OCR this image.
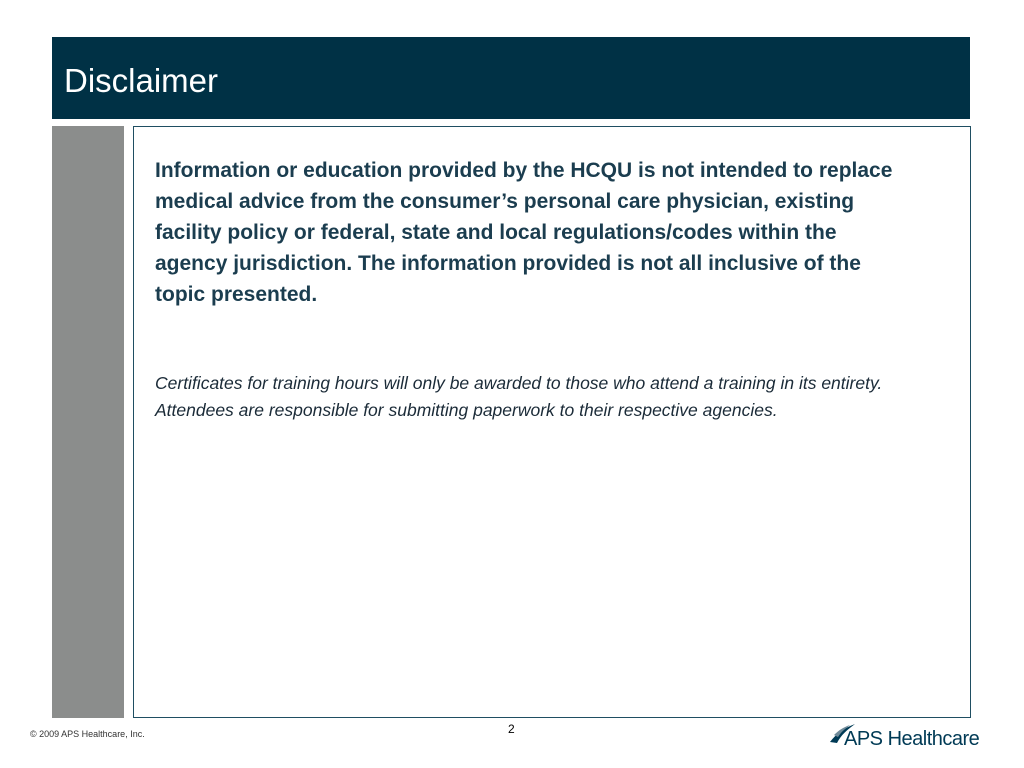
Disclaimer

Information or education provided by the HCQU is not intended to replace medical advice from the consumer’s personal care physician, existing facility policy or federal, state and local regulations/codes within the agency jurisdiction. The information provided is not all inclusive of the topic presented.

Certificates for training hours will only be awarded to those who attend a training in its entirety. Attendees are responsible for submitting paperwork to their respective agencies.

© 2009 APS Healthcare, Inc.	2	APS Healthcare
